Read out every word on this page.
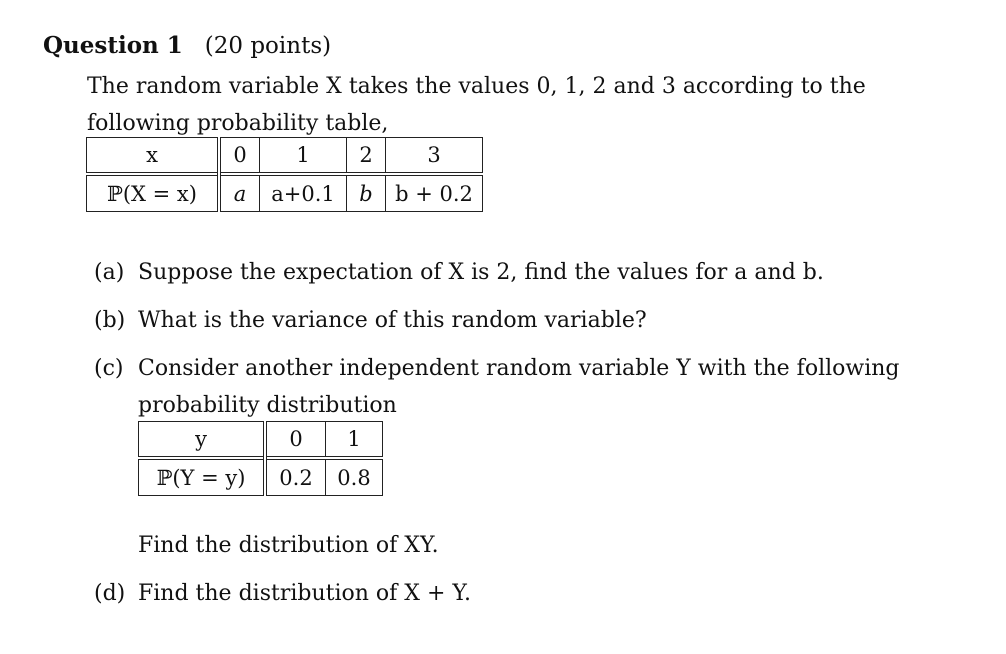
Question 1 (20 points)
The random variable X takes the values 0, 1, 2 and 3 according to the following probability table,
x	0	1	2	3
ℙ(X = x)	a	a+0.1	b	b + 0.2
(a) Suppose the expectation of X is 2, find the values for a and b.
(b) What is the variance of this random variable?
(c) Consider another independent random variable Y with the following probability distribution
y	0	1
ℙ(Y = y)	0.2	0.8
Find the distribution of XY.
(d) Find the distribution of X + Y.
